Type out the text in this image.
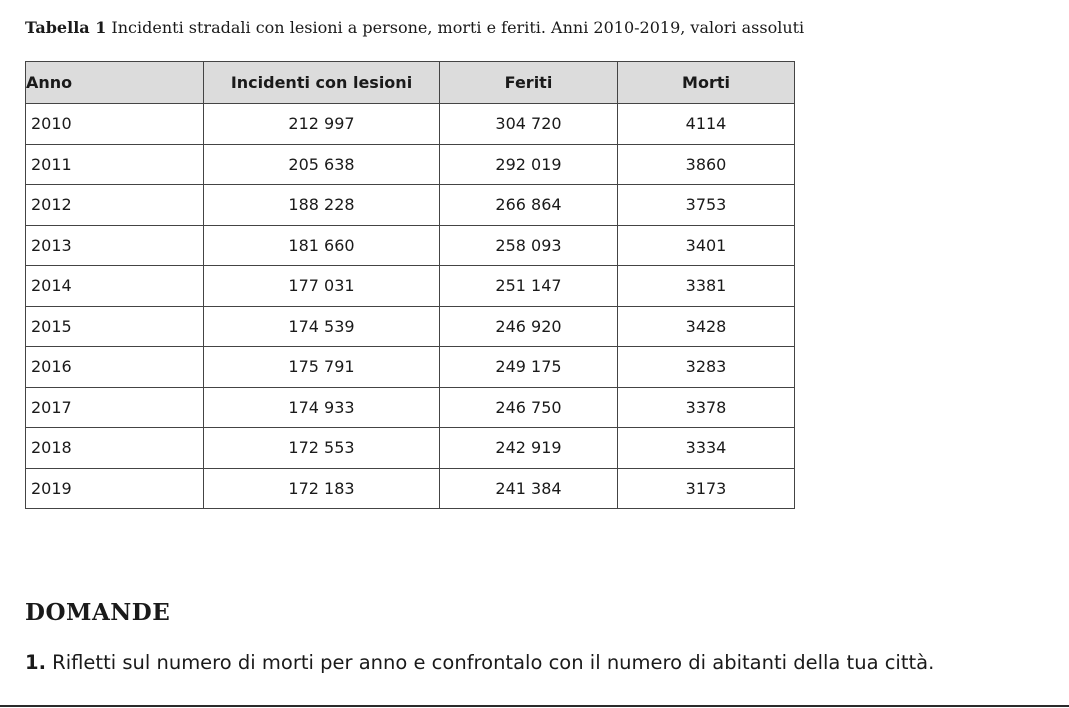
Tabella 1 Incidenti stradali con lesioni a persone, morti e feriti. Anni 2010-2019, valori assoluti
Anno	Incidenti con lesioni	Feriti	Morti
2010	212 997	304 720	4114
2011	205 638	292 019	3860
2012	188 228	266 864	3753
2013	181 660	258 093	3401
2014	177 031	251 147	3381
2015	174 539	246 920	3428
2016	175 791	249 175	3283
2017	174 933	246 750	3378
2018	172 553	242 919	3334
2019	172 183	241 384	3173
DOMANDE
1. Rifletti sul numero di morti per anno e confrontalo con il numero di abitanti della tua città.
